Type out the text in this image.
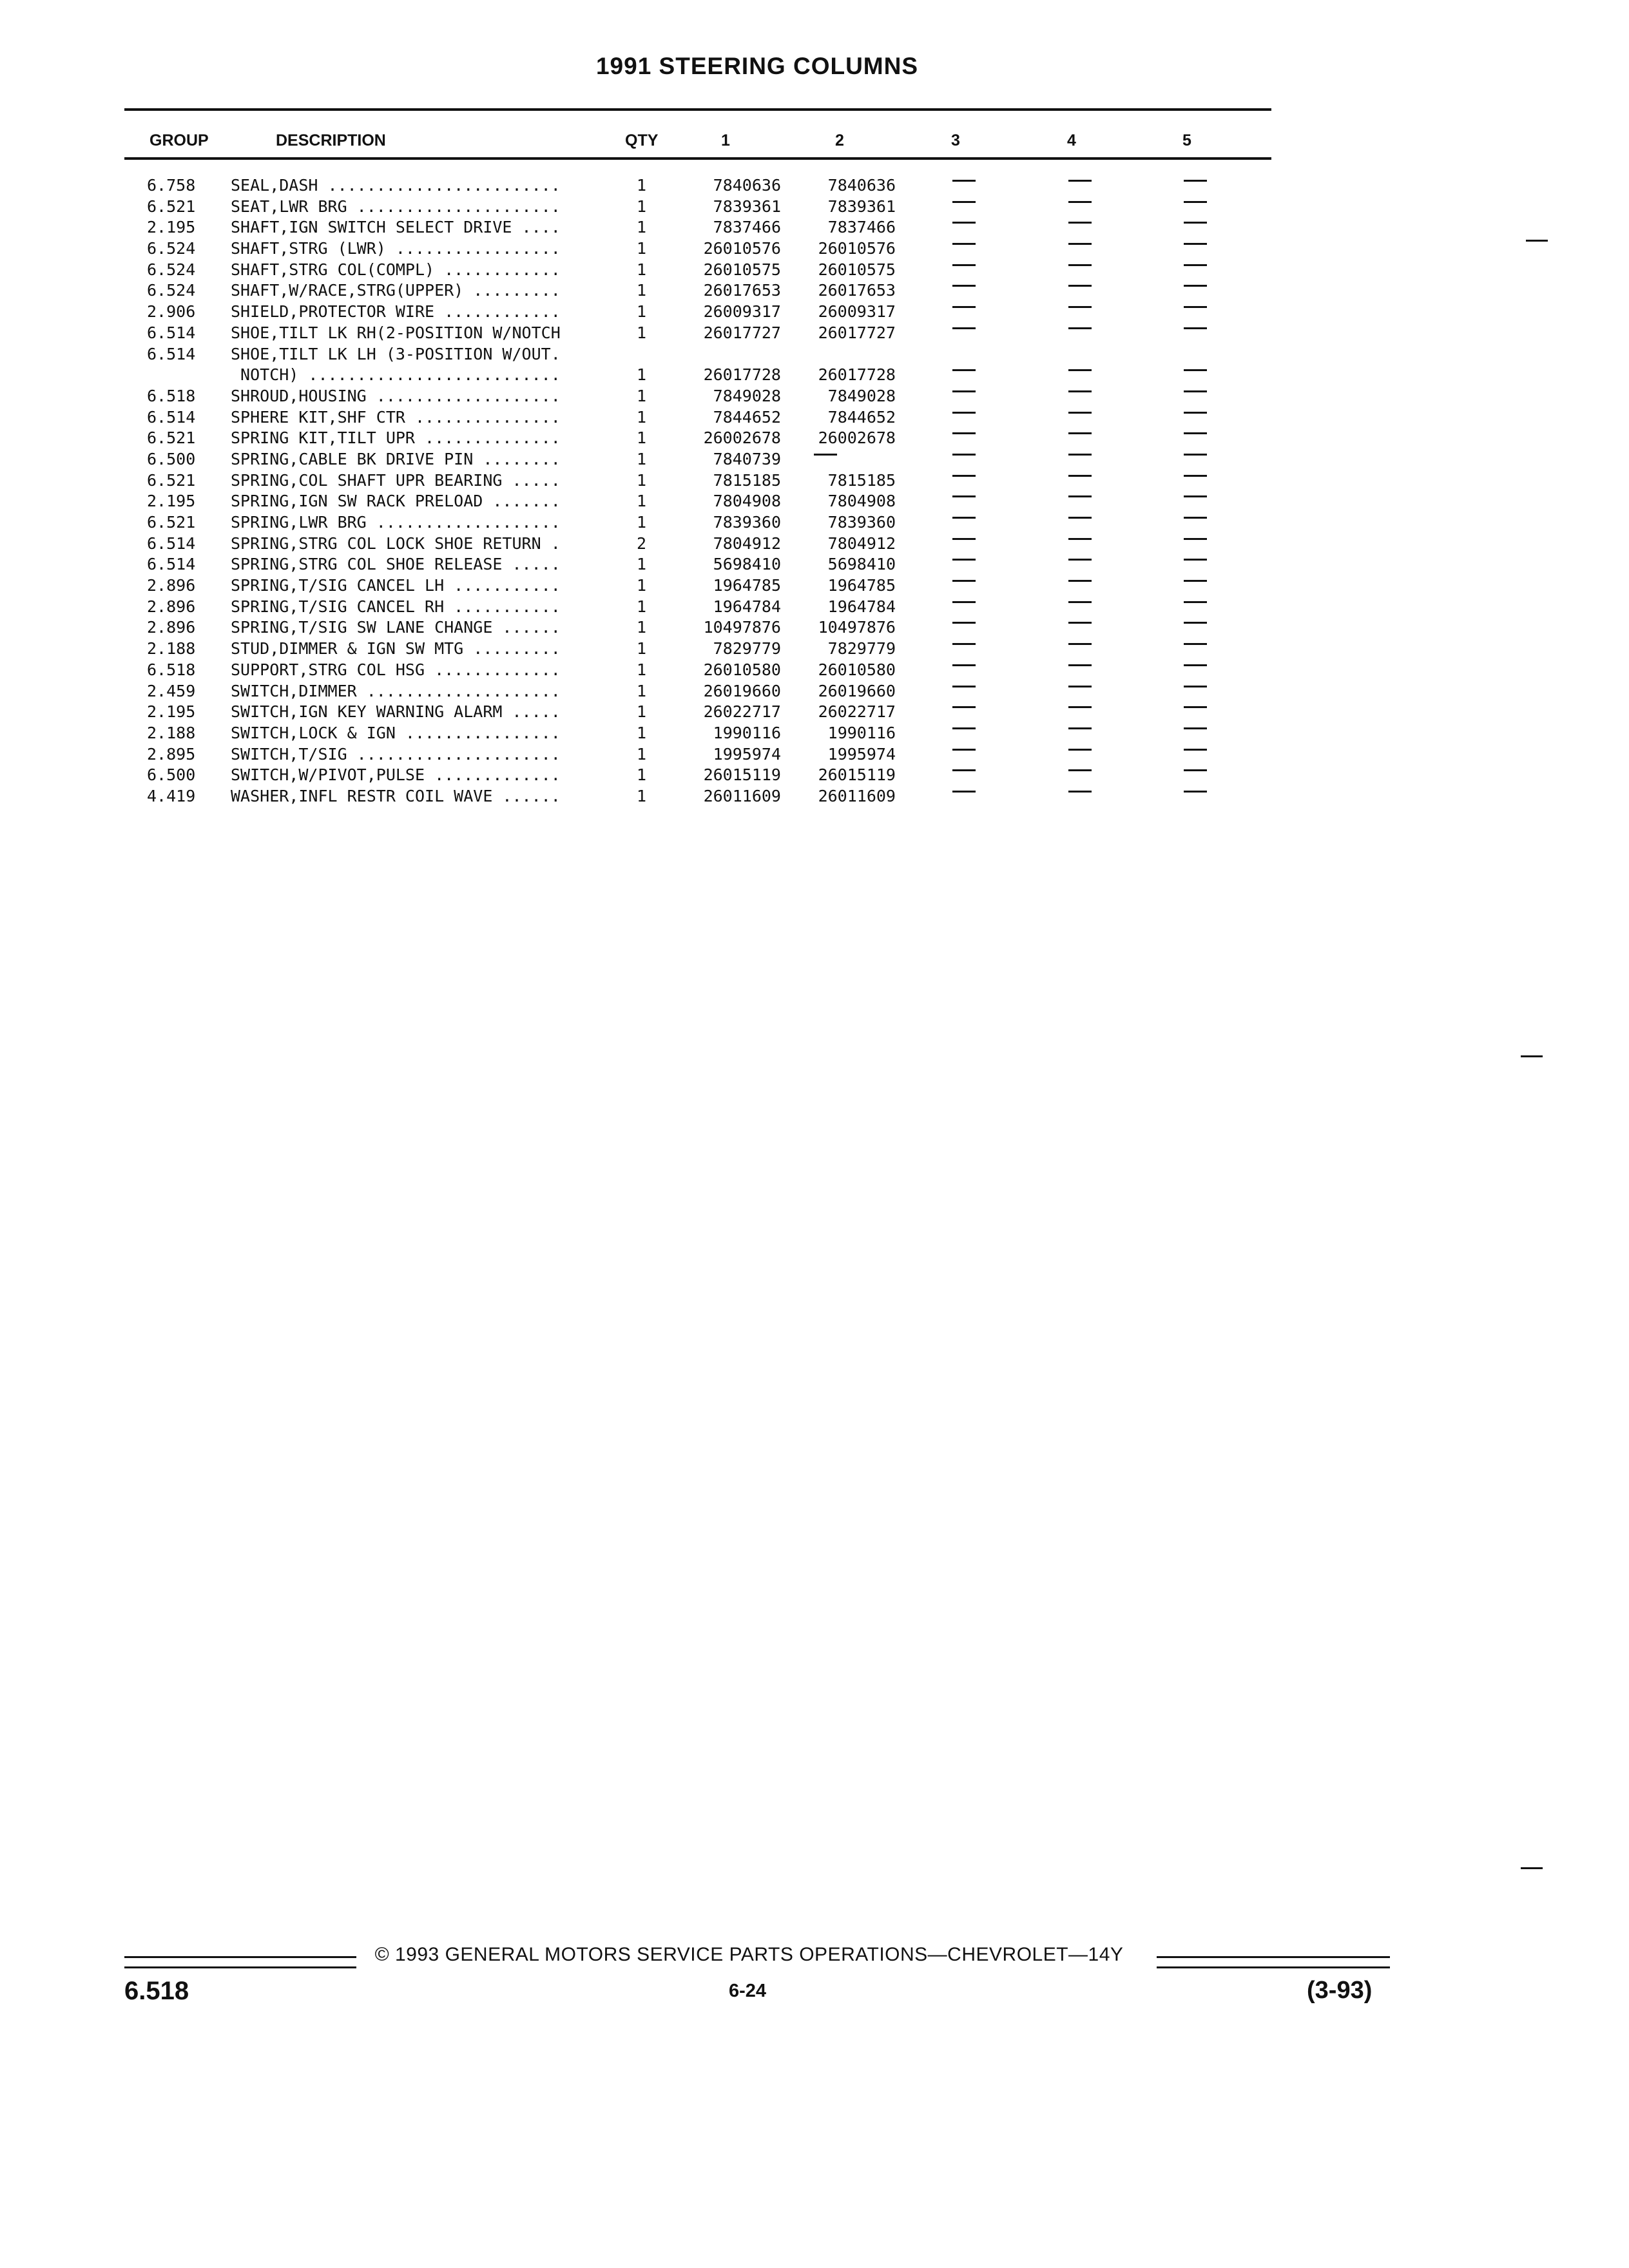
1991 STEERING COLUMNS
GROUP	DESCRIPTION	QTY	1	2	3	4	5
6.758 SEAL,DASH ........................	1	7840636	7840636
6.521 SEAT,LWR BRG .....................	1	7839361	7839361
2.195 SHAFT,IGN SWITCH SELECT DRIVE ....	1	7837466	7837466
6.524 SHAFT,STRG (LWR) .................	1	26010576	26010576
6.524 SHAFT,STRG COL(COMPL) ............	1	26010575	26010575
6.524 SHAFT,W/RACE,STRG(UPPER) .........	1	26017653	26017653
2.906 SHIELD,PROTECTOR WIRE ............	1	26009317	26009317
6.514 SHOE,TILT LK RH(2-POSITION W/NOTCH	1	26017727	26017727
6.514 SHOE,TILT LK LH (3-POSITION W/OUT.
NOTCH) ..........................	1	26017728	26017728
6.518 SHROUD,HOUSING ...................	1	7849028	7849028
6.514 SPHERE KIT,SHF CTR ...............	1	7844652	7844652
6.521 SPRING KIT,TILT UPR ..............	1	26002678	26002678
6.500 SPRING,CABLE BK DRIVE PIN ........	1	7840739
6.521 SPRING,COL SHAFT UPR BEARING .....	1	7815185	7815185
2.195 SPRING,IGN SW RACK PRELOAD .......	1	7804908	7804908
6.521 SPRING,LWR BRG ...................	1	7839360	7839360
6.514 SPRING,STRG COL LOCK SHOE RETURN .	2	7804912	7804912
6.514 SPRING,STRG COL SHOE RELEASE .....	1	5698410	5698410
2.896 SPRING,T/SIG CANCEL LH ...........	1	1964785	1964785
2.896 SPRING,T/SIG CANCEL RH ...........	1	1964784	1964784
2.896 SPRING,T/SIG SW LANE CHANGE ......	1	10497876	10497876
2.188 STUD,DIMMER & IGN SW MTG .........	1	7829779	7829779
6.518 SUPPORT,STRG COL HSG .............	1	26010580	26010580
2.459 SWITCH,DIMMER ....................	1	26019660	26019660
2.195 SWITCH,IGN KEY WARNING ALARM .....	1	26022717	26022717
2.188 SWITCH,LOCK & IGN ................	1	1990116	1990116
2.895 SWITCH,T/SIG .....................	1	1995974	1995974
6.500 SWITCH,W/PIVOT,PULSE .............	1	26015119	26015119
4.419 WASHER,INFL RESTR COIL WAVE ......	1	26011609	26011609
© 1993 GENERAL MOTORS SERVICE PARTS OPERATIONS—CHEVROLET—14Y
6.518	6-24	(3-93)
